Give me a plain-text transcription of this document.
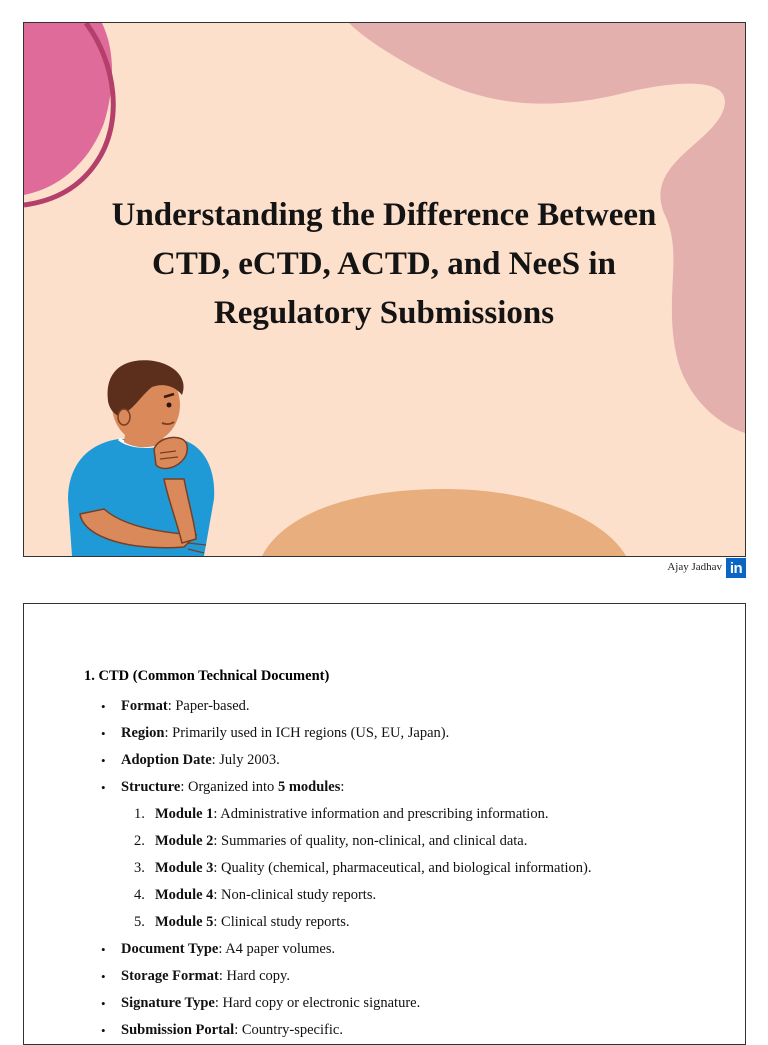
Understanding the Difference Between
CTD, eCTD, ACTD, and NeeS in
Regulatory Submissions
Ajay Jadhav in

1. CTD (Common Technical Document)

• Format: Paper-based.
• Region: Primarily used in ICH regions (US, EU, Japan).
• Adoption Date: July 2003.
• Structure: Organized into 5 modules:
1. Module 1: Administrative information and prescribing information.
2. Module 2: Summaries of quality, non-clinical, and clinical data.
3. Module 3: Quality (chemical, pharmaceutical, and biological information).
4. Module 4: Non-clinical study reports.
5. Module 5: Clinical study reports.
• Document Type: A4 paper volumes.
• Storage Format: Hard copy.
• Signature Type: Hard copy or electronic signature.
• Submission Portal: Country-specific.
